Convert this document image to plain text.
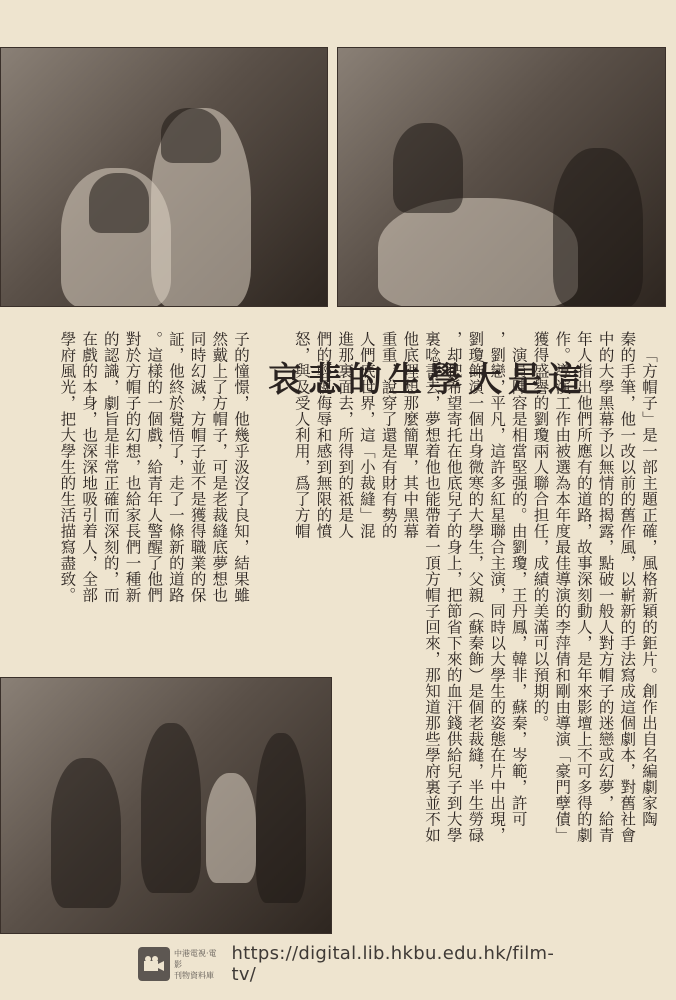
哀悲的生學大是這	「方帽子」是一部主題正確，風格新穎的鉅片。創作出自名編劇家陶
秦的手筆，他一改以前的舊作風，以嶄新的手法寫成這個劇本，對舊社會
中的大學黑幕予以無情的揭露，點破一般人對方帽子的迷戀或幻夢，給青
年人指出他們所應有的道路，故事深刻動人，是年來影壇上不可多得的劇
作。導演工作由被選為本年度最佳導演的李萍倩和剛由導演「豪門孽債」
獲得盛譽的劉瓊兩人聯合担任，成績的美滿可以預期的。
演員陣容是相當堅强的。由劉瓊，王丹鳳，韓非，蘇秦，岑範，許可
，劉戀，平凡，這許多紅星聯合主演，同時以大學生的姿態在片中出現，
劉瓊飾演一個出身微寒的大學生，父親（蘇秦飾）是個老裁縫，半生勞碌
，却把希望寄托在他底兒子的身上，把節省下來的血汗錢供給兒子到大學
裏唸書去，夢想着他也能帶着一頂方帽子回來，那知道那些學府裏並不如
他底理想那麼簡單，其中黑幕
重重，說穿了還是有財有勢的
人們底世界，這「小裁縫」混
進那裏面去，所得到的祗是人
們的輕視侮辱和感到無限的憤
怒，與及受人利用，爲了方帽
子的憧憬，他幾乎汲沒了良知，結果雖
然戴上了方帽子，可是老裁縫底夢想也
同時幻滅，方帽子並不是獲得職業的保
証，他終於覺悟了，走了一條新的道路
。這樣的一個戲，給青年人警醒了他們
對於方帽子的幻想，也給家長們一種新
的認識，劇旨是非常正確而深刻的，而
在戲的本身，也深深地吸引着人，全部
學府風光，把大學生的生活描寫盡致。
中港電視·電影
刊物資料庫
https://digital.lib.hkbu.edu.hk/film-tv/
